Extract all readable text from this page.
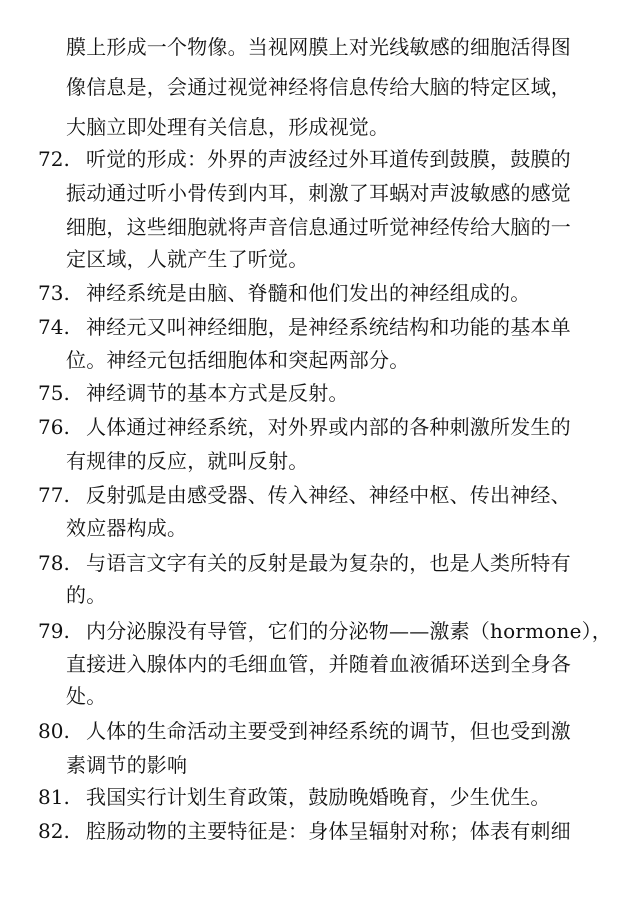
膜上形成一个物像。当视网膜上对光线敏感的细胞活得图
像信息是，会通过视觉神经将信息传给大脑的特定区域，
大脑立即处理有关信息，形成视觉。
72. 听觉的形成：外界的声波经过外耳道传到鼓膜，鼓膜的
振动通过听小骨传到内耳，刺激了耳蜗对声波敏感的感觉
细胞，这些细胞就将声音信息通过听觉神经传给大脑的一
定区域，人就产生了听觉。
73. 神经系统是由脑、脊髓和他们发出的神经组成的。
74. 神经元又叫神经细胞，是神经系统结构和功能的基本单
位。神经元包括细胞体和突起两部分。
75. 神经调节的基本方式是反射。
76. 人体通过神经系统，对外界或内部的各种刺激所发生的
有规律的反应，就叫反射。
77. 反射弧是由感受器、传入神经、神经中枢、传出神经、
效应器构成。
78. 与语言文字有关的反射是最为复杂的，也是人类所特有
的。
79. 内分泌腺没有导管，它们的分泌物——激素（hormone），
直接进入腺体内的毛细血管，并随着血液循环送到全身各
处。
80. 人体的生命活动主要受到神经系统的调节，但也受到激
素调节的影响
81. 我国实行计划生育政策，鼓励晚婚晚育，少生优生。
82. 腔肠动物的主要特征是：身体呈辐射对称；体表有刺细
